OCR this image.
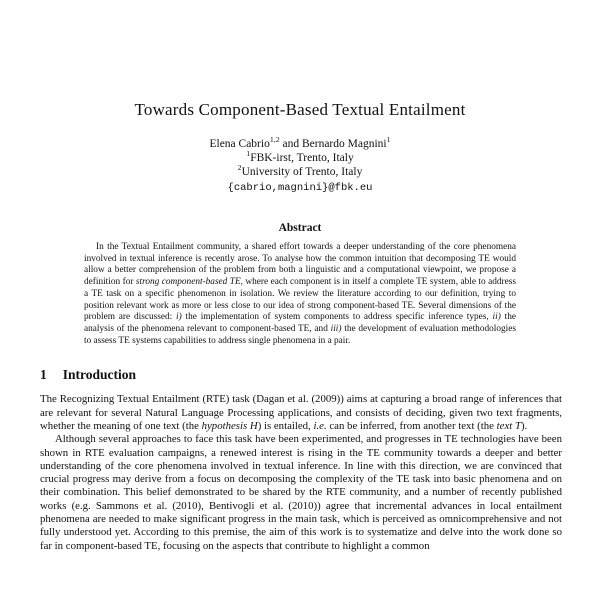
Towards Component-Based Textual Entailment
Elena Cabrio$^{1,2}$ and Bernardo Magnini$^1$
$^1$FBK-irst, Trento, Italy
$^2$University of Trento, Italy
{cabrio,magnini}@fbk.eu
Abstract

In the Textual Entailment community, a shared effort towards a deeper understanding of the core phenomena involved in textual inference is recently arose. To analyse how the common intuition that decomposing TE would allow a better comprehension of the problem from both a linguistic and a computational viewpoint, we propose a definition for strong component-based TE, where each component is in itself a complete TE system, able to address a TE task on a specific phenomenon in isolation. We review the literature according to our definition, trying to position relevant work as more or less close to our idea of strong component-based TE. Several dimensions of the problem are discussed: i) the implementation of system components to address specific inference types, ii) the analysis of the phenomena relevant to component-based TE, and iii) the development of evaluation methodologies to assess TE systems capabilities to address single phenomena in a pair.

1 Introduction

The Recognizing Textual Entailment (RTE) task (Dagan et al. (2009)) aims at capturing a broad range of inferences that are relevant for several Natural Language Processing applications, and consists of deciding, given two text fragments, whether the meaning of one text (the hypothesis H) is entailed, i.e. can be inferred, from another text (the text T).

Although several approaches to face this task have been experimented, and progresses in TE technologies have been shown in RTE evaluation campaigns, a renewed interest is rising in the TE community towards a deeper and better understanding of the core phenomena involved in textual inference. In line with this direction, we are convinced that crucial progress may derive from a focus on decomposing the complexity of the TE task into basic phenomena and on their combination. This belief demonstrated to be shared by the RTE community, and a number of recently published works (e.g. Sammons et al. (2010), Bentivogli et al. (2010)) agree that incremental advances in local entailment phenomena are needed to make significant progress in the main task, which is perceived as omnicomprehensive and not fully understood yet. According to this premise, the aim of this work is to systematize and delve into the work done so far in component-based TE, focusing on the aspects that contribute to highlight a common
